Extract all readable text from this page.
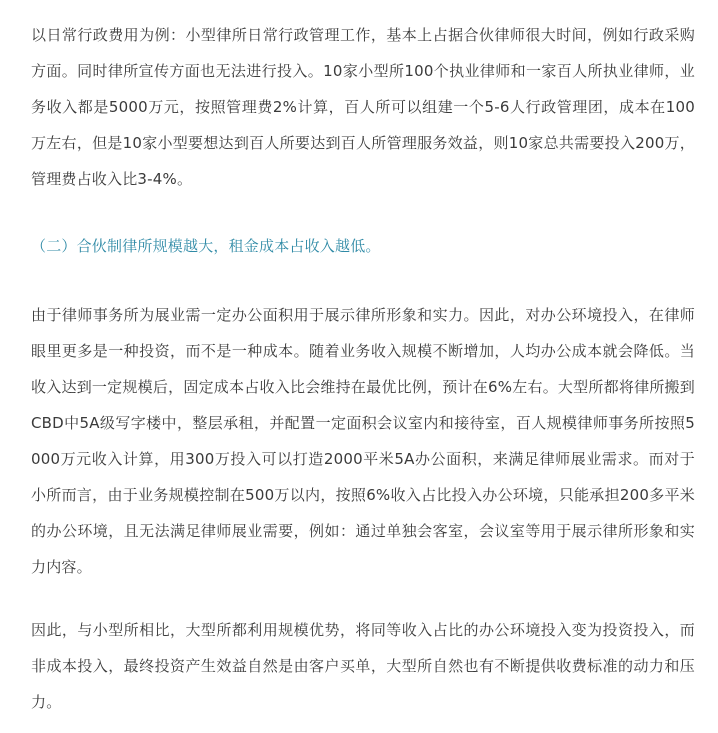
以日常行政费用为例：小型律所日常行政管理工作，基本上占据合伙律师很大时间，例如行政采购方面。同时律所宣传方面也无法进行投入。10家小型所100个执业律师和一家百人所执业律师，业务收入都是5000万元，按照管理费2%计算，百人所可以组建一个5-6人行政管理团，成本在100万左右，但是10家小型要想达到百人所要达到百人所管理服务效益，则10家总共需要投入200万，管理费占收入比3-4%。

（二）合伙制律所规模越大，租金成本占收入越低。

由于律师事务所为展业需一定办公面积用于展示律所形象和实力。因此，对办公环境投入，在律师眼里更多是一种投资，而不是一种成本。随着业务收入规模不断增加，人均办公成本就会降低。当收入达到一定规模后，固定成本占收入比会维持在最优比例，预计在6%左右。大型所都将律所搬到CBD中5A级写字楼中，整层承租，并配置一定面积会议室内和接待室，百人规模律师事务所按照5000万元收入计算，用300万投入可以打造2000平米5A办公面积，来满足律师展业需求。而对于小所而言，由于业务规模控制在500万以内，按照6%收入占比投入办公环境，只能承担200多平米的办公环境，且无法满足律师展业需要，例如：通过单独会客室，会议室等用于展示律所形象和实力内容。

因此，与小型所相比，大型所都利用规模优势，将同等收入占比的办公环境投入变为投资投入，而非成本投入，最终投资产生效益自然是由客户买单，大型所自然也有不断提供收费标准的动力和压力。
